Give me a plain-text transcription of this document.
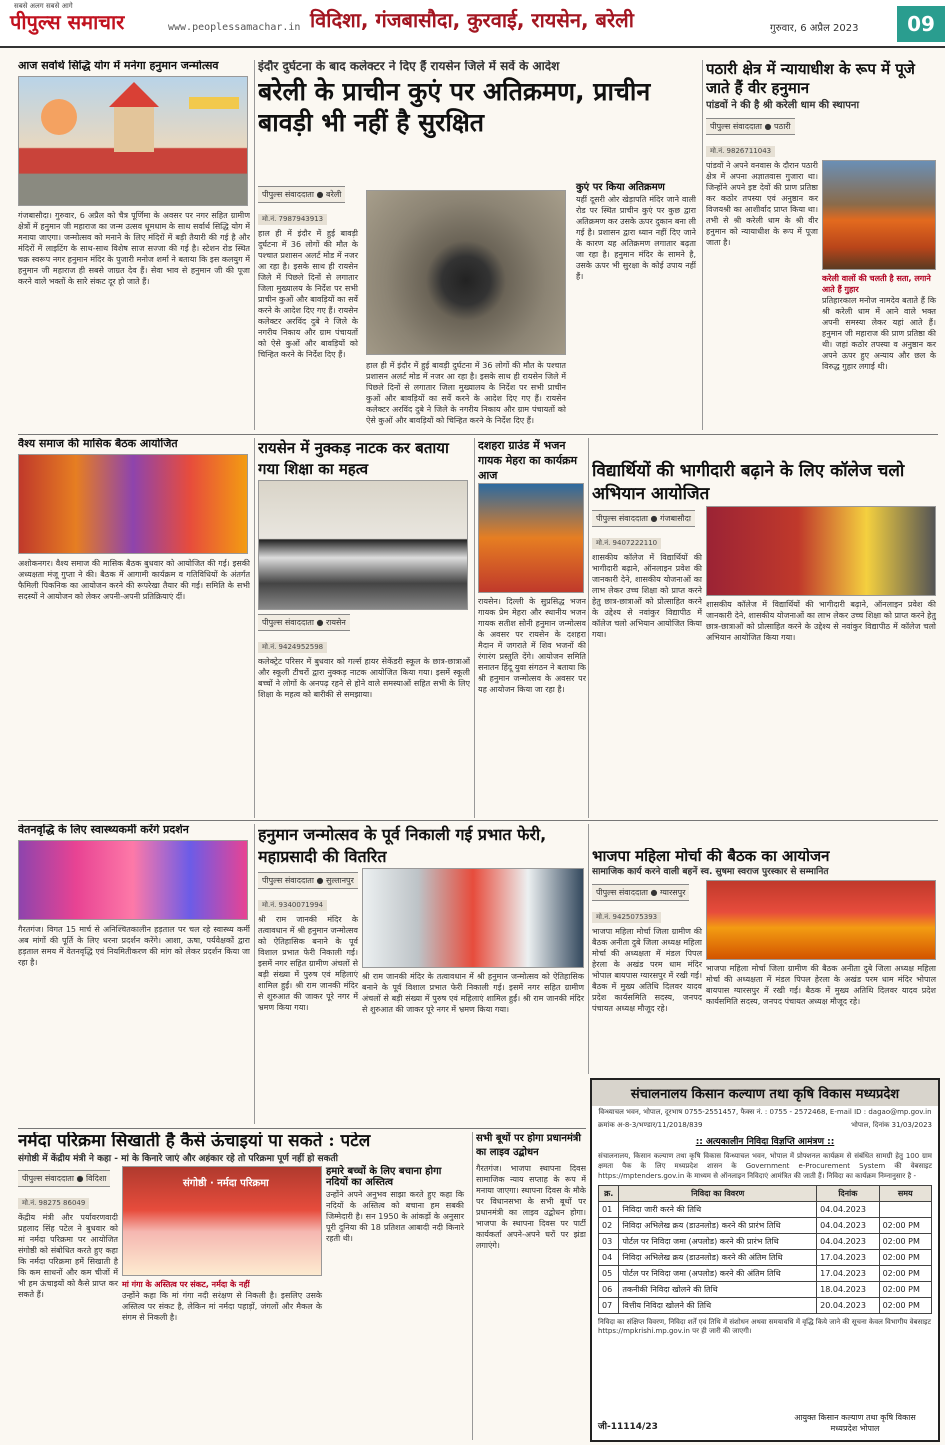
सबसे अलग सबसे आगे
पीपुल्स समाचार	www.peoplessamachar.in विदिशा, गंजबासौदा, कुरवाई, रायसेन, बरेली	गुरुवार, 6 अप्रैल 2023	09
आज सर्वार्थ सिद्धि योग में मनेगा हनुमान जन्मोत्सव
गंजबासौदा। गुरुवार, 6 अप्रैल को चैत्र पूर्णिमा के अवसर पर नगर सहित ग्रामीण क्षेत्रों में हनुमान जी महाराज का जन्म उत्सव धूमधाम के साथ सर्वार्थ सिद्धि योग में मनाया जाएगा। जन्मोत्सव को मनाने के लिए मंदिरों में बड़ी तैयारी की गई है और मंदिरों में लाइटिंग के साथ-साथ विशेष साज सज्जा की गई है। स्टेशन रोड स्थित चक्र स्वरूप नगर हनुमान मंदिर के पुजारी मनोज शर्मा ने बताया कि इस कलयुग में हनुमान जी महाराज ही सबसे जाग्रत देव हैं। सेवा भाव से हनुमान जी की पूजा करने वाले भक्तों के सारे संकट दूर हो जाते हैं।
इंदौर दुर्घटना के बाद कलेक्टर ने दिए हैं रायसेन जिले में सर्वे के आदेश
बरेली के प्राचीन कुएं पर अतिक्रमण, प्राचीन बावड़ी भी नहीं है सुरक्षित
पीपुल्स संवाददाता ● बरेली मो.नं. 7987943913
हाल ही में इंदौर में हुई बावड़ी दुर्घटना में 36 लोगों की मौत के पश्चात प्रशासन अलर्ट मोड में नजर आ रहा है। इसके साथ ही रायसेन जिले में पिछले दिनों से लगातार जिला मुख्यालय के निर्देश पर सभी प्राचीन कुओं और बावड़ियों का सर्वे करने के आदेश दिए गए हैं। रायसेन कलेक्टर अरविंद दुबे ने जिले के नगरीय निकाय और ग्राम पंचायतों को ऐसे कुओं और बावड़ियों को चिन्हित करने के निर्देश दिए हैं।
हाल ही में इंदौर में हुई बावड़ी दुर्घटना में 36 लोगों की मौत के पश्चात प्रशासन अलर्ट मोड में नजर आ रहा है। इसके साथ ही रायसेन जिले में पिछले दिनों से लगातार जिला मुख्यालय के निर्देश पर सभी प्राचीन कुओं और बावड़ियों का सर्वे करने के आदेश दिए गए हैं। रायसेन कलेक्टर अरविंद दुबे ने जिले के नगरीय निकाय और ग्राम पंचायतों को ऐसे कुओं और बावड़ियों को चिन्हित करने के निर्देश दिए हैं।
कुएं पर किया अतिक्रमण
यहीं दूसरी ओर खेड़ापति मंदिर जाने वाली रोड पर स्थित प्राचीन कुएं पर कुछ द्वारा अतिक्रमण कर उसके ऊपर दुकान बना ली गई है। प्रशासन द्वारा ध्यान नहीं दिए जाने के कारण यह अतिक्रमण लगातार बढ़ता जा रहा है। हनुमान मंदिर के सामने है, उसके ऊपर भी सुरक्षा के कोई उपाय नहीं हैं।
पठारी क्षेत्र में न्यायाधीश के रूप में पूजे जाते हैं वीर हनुमान
पांडवों ने की है श्री करेली धाम की स्थापना
पीपुल्स संवाददाता ● पठारी
मो.नं. 9826711043
पांडवों ने अपने वनवास के दौरान पठारी क्षेत्र में अपना अज्ञातवास गुजारा था। जिन्होंने अपने इष्ट देवों की प्राण प्रतिष्ठा कर कठोर तपस्या एवं अनुष्ठान कर विजयश्री का आशीर्वाद प्राप्त किया था। तभी से श्री करेली धाम के श्री वीर हनुमान को न्यायाधीश के रूप में पूजा जाता है।
करेली वालों की चलती है सता, लगाने आते हैं गुहार
प्रतिहारकाल मनोज नामदेव बताते हैं कि श्री करेली धाम में आने वाले भक्त अपनी समस्या लेकर यहां आते हैं। हनुमान जी महाराज की प्राण प्रतिष्ठा की थी। जहां कठोर तपस्या व अनुष्ठान कर अपने ऊपर हुए अन्याय और छल के विरुद्ध गुहार लगाई थी।
वैश्य समाज की मासिक बैठक आयोजित
अशोकनगर। वैश्य समाज की मासिक बैठक बुधवार को आयोजित की गई। इसकी अध्यक्षता मंजू गुप्ता ने की। बैठक में आगामी कार्यक्रम व गतिविधियों के अंतर्गत फैमिली पिकनिक का आयोजन करने की रूपरेखा तैयार की गई। समिति के सभी सदस्यों ने आयोजन को लेकर अपनी-अपनी प्रतिक्रियाएं दीं।
रायसेन में नुक्कड़ नाटक कर बताया गया शिक्षा का महत्व
पीपुल्स संवाददाता ● रायसेन
मो.नं. 9424952598
कलेक्ट्रेट परिसर में बुधवार को गर्ल्स हायर सेकेंडरी स्कूल के छात्र-छात्राओं और स्कूली टीचरों द्वारा नुक्कड़ नाटक आयोजित किया गया। इसमें स्कूली बच्चों ने लोगों के अनपढ़ रहने से होने वाले समस्याओं सहित सभी के लिए शिक्षा के महत्व को बारीकी से समझाया।
दशहरा ग्राउंड में भजन गायक मेहरा का कार्यक्रम आज
रायसेन। दिल्ली के सुप्रसिद्ध भजन गायक प्रेम मेहरा और स्थानीय भजन गायक सतीश सोनी हनुमान जन्मोत्सव के अवसर पर रायसेन के दशहरा मैदान में जगराते में शिव भजनों की रंगारंग प्रस्तुति देंगे। आयोजन समिति सनातन हिंदू युवा संगठन ने बताया कि श्री हनुमान जन्मोत्सव के अवसर पर यह आयोजन किया जा रहा है।
विद्यार्थियों की भागीदारी बढ़ाने के लिए कॉलेज चलो अभियान आयोजित
पीपुल्स संवाददाता ● गंजबासौदा मो.नं. 9407222110
शासकीय कॉलेज में विद्यार्थियों की भागीदारी बढ़ाने, ऑनलाइन प्रवेश की जानकारी देने, शासकीय योजनाओं का लाभ लेकर उच्च शिक्षा को प्राप्त करने हेतु छात्र-छात्राओं को प्रोत्साहित करने के उद्देश्य से नवांकुर विद्यापीठ में कॉलेज चलो अभियान आयोजित किया गया।
शासकीय कॉलेज में विद्यार्थियों की भागीदारी बढ़ाने, ऑनलाइन प्रवेश की जानकारी देने, शासकीय योजनाओं का लाभ लेकर उच्च शिक्षा को प्राप्त करने हेतु छात्र-छात्राओं को प्रोत्साहित करने के उद्देश्य से नवांकुर विद्यापीठ में कॉलेज चलो अभियान आयोजित किया गया।
वेतनवृद्धि के लिए स्वास्थ्यकर्मी करेंगे प्रदर्शन
गैरतगंज। विगत 15 मार्च से अनिश्चितकालीन हड़ताल पर चल रहे स्वास्थ्य कर्मी अब मांगों की पूर्ति के लिए धरना प्रदर्शन करेंगे। आशा, ऊषा, पर्यवेक्षकों द्वारा हड़ताल समय में वेतनवृद्धि एवं नियमितीकरण की मांग को लेकर प्रदर्शन किया जा रहा है।
हनुमान जन्मोत्सव के पूर्व निकाली गई प्रभात फेरी, महाप्रसादी की वितरित
पीपुल्स संवाददाता ● सुल्तानपुर मो.नं. 9340071994
श्री राम जानकी मंदिर के तत्वावधान में श्री हनुमान जन्मोत्सव को ऐतिहासिक बनाने के पूर्व विशाल प्रभात फेरी निकाली गई। इसमें नगर सहित ग्रामीण अंचलों से बड़ी संख्या में पुरुष एवं महिलाएं शामिल हुईं। श्री राम जानकी मंदिर से शुरुआत की जाकर पूरे नगर में भ्रमण किया गया।
श्री राम जानकी मंदिर के तत्वावधान में श्री हनुमान जन्मोत्सव को ऐतिहासिक बनाने के पूर्व विशाल प्रभात फेरी निकाली गई। इसमें नगर सहित ग्रामीण अंचलों से बड़ी संख्या में पुरुष एवं महिलाएं शामिल हुईं। श्री राम जानकी मंदिर से शुरुआत की जाकर पूरे नगर में भ्रमण किया गया।
भाजपा महिला मोर्चा की बैठक का आयोजन
सामाजिक कार्य करने वाली बहनें स्व. सुषमा स्वराज पुरस्कार से सम्मानित
पीपुल्स संवाददाता ● ग्यारसपुर मो.नं. 9425075393
भाजपा महिला मोर्चा जिला ग्रामीण की बैठक अनीता दुबे जिला अध्यक्ष महिला मोर्चा की अध्यक्षता में मंडल पिपल हेरला के अखंड परम धाम मंदिर भोपाल बायपास ग्यारसपुर में रखी गई। बैठक में मुख्य अतिथि दिलवर यादव प्रदेश कार्यसमिति सदस्य, जनपद पंचायत अध्यक्ष मौजूद रहे।
भाजपा महिला मोर्चा जिला ग्रामीण की बैठक अनीता दुबे जिला अध्यक्ष महिला मोर्चा की अध्यक्षता में मंडल पिपल हेरला के अखंड परम धाम मंदिर भोपाल बायपास ग्यारसपुर में रखी गई। बैठक में मुख्य अतिथि दिलवर यादव प्रदेश कार्यसमिति सदस्य, जनपद पंचायत अध्यक्ष मौजूद रहे।
नर्मदा परिक्रमा सिखाती है कैसे ऊंचाइयां पा सकते : पटेल
संगोष्ठी में केंद्रीय मंत्री ने कहा - मां के किनारे जाएं और अहंकार रहे तो परिक्रमा पूर्ण नहीं हो सकती
पीपुल्स संवाददाता ● विदिशा मो.नं. 98275 86049
केंद्रीय मंत्री और पर्यावरणवादी प्रहलाद सिंह पटेल ने बुधवार को मां नर्मदा परिक्रमा पर आयोजित संगोष्ठी को संबोधित करते हुए कहा कि नर्मदा परिक्रमा हमें सिखाती है कि कम साधनों और कम चीजों में भी हम ऊंचाइयों को कैसे प्राप्त कर सकते हैं।
संगोष्ठी · नर्मदा परिक्रमा
मां गंगा के अस्तित्व पर संकट, नर्मदा के नहीं
उन्होंने कहा कि मां गंगा नदी सरंक्षण से निकली है। इसलिए उसके अस्तित्व पर संकट है, लेकिन मां नर्मदा पहाड़ों, जंगलों और मैकल के संगम से निकली है।
हमारे बच्चों के लिए बचाना होगा नदियों का अस्तित्व
उन्होंने अपने अनुभव साझा करते हुए कहा कि नदियों के अस्तित्व को बचाना हम सबकी जिम्मेदारी है। सन 1950 के आंकड़ों के अनुसार पूरी दुनिया की 18 प्रतिशत आबादी नदी किनारे रहती थी।
सभी बूथों पर होगा प्रधानमंत्री का लाइव उद्बोधन
गैरतगंज। भाजपा स्थापना दिवस सामाजिक न्याय सप्ताह के रूप में मनाया जाएगा। स्थापना दिवस के मौके पर विधानसभा के सभी बूथों पर प्रधानमंत्री का लाइव उद्बोधन होगा। भाजपा के स्थापना दिवस पर पार्टी कार्यकर्ता अपने-अपने घरों पर झंडा लगाएंगे।
संचालनालय किसान कल्याण तथा कृषि विकास मध्यप्रदेश
विन्ध्याचल भवन, भोपाल, दूरभाष 0755-2551457, फैक्स नं. : 0755 - 2572468, E-mail ID : dagao@mp.gov.in
क्रमांक अ-8-3/भण्डार/11/2018/839	भोपाल, दिनांक 31/03/2023
:: अत्यकालीन निविदा विज्ञप्ति आमंत्रण ::
संचालनालय, किसान कल्याण तथा कृषि विकास विन्ध्याचल भवन, भोपाल में प्रोफ्शनल कार्यक्रम से संबंधित सामग्री हेतु 100 ग्राम क्षमता पैक के लिए मध्यप्रदेश शासन के Government e-Procurement System की वेबसाइट https://mptenders.gov.in के माध्यम से ऑनलाइन निविदाएं आमंत्रित की जाती हैं। निविदा का कार्यक्रम निम्नानुसार है -
क्र.	निविदा का विवरण	दिनांक	समय
01	निविदा जारी करने की तिथि	04.04.2023	
02	निविदा अभिलेख क्रय (डाउनलोड) करने की प्रारंभ तिथि	04.04.2023	02:00 PM
03	पोर्टल पर निविदा जमा (अपलोड) करने की प्रारंभ तिथि	04.04.2023	02:00 PM
04	निविदा अभिलेख क्रय (डाउनलोड) करने की अंतिम तिथि	17.04.2023	02:00 PM
05	पोर्टल पर निविदा जमा (अपलोड) करने की अंतिम तिथि	17.04.2023	02:00 PM
06	तकनीकी निविदा खोलने की तिथि	18.04.2023	02:00 PM
07	वित्तीय निविदा खोलने की तिथि	20.04.2023	02:00 PM
निविदा का संक्षिप्त विवरण, निविदा शर्तें एवं तिथि में संशोधन अथवा समयावधि में वृद्धि किये जाने की सूचना केवल विभागीय वेबसाइट https://mpkrishi.mp.gov.in पर ही जारी की जाएगी।
जी-11114/23
आयुक्त किसान कल्याण तथा कृषि विकास मध्यप्रदेश भोपाल
